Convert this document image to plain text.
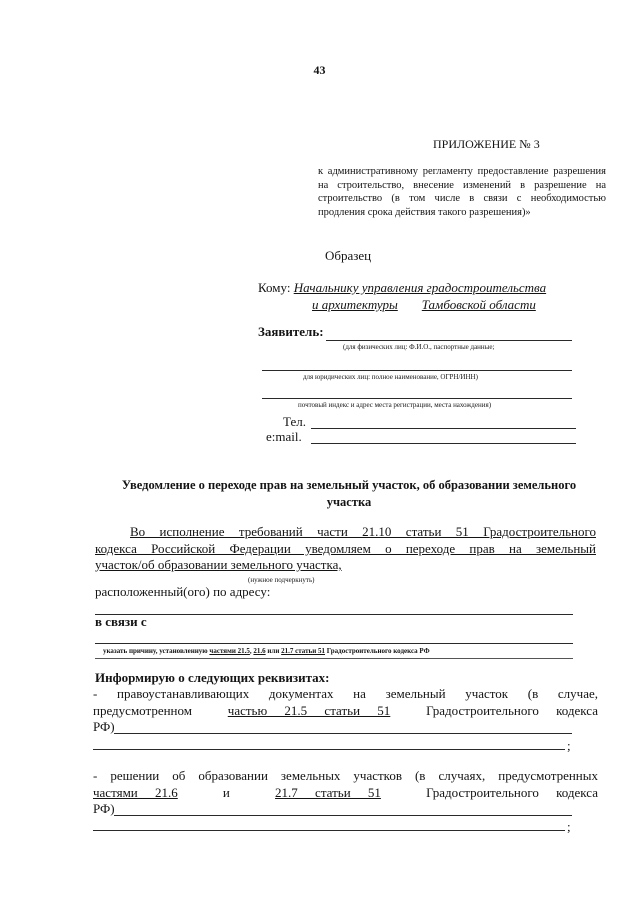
43
ПРИЛОЖЕНИЕ № 3
к административному регламенту предоставление разрешения на строительство, внесение изменений в разрешение на строительство (в том числе в связи с необходимостью продления срока действия такого разрешения)»
Образец
Кому: Начальнику управления градостроительства
и архитектуры Тамбовской области
Заявитель:
(для физических лиц: Ф.И.О., паспортные данные;
для юридических лиц: полное наименование, ОГРН/ИНН)
почтовый индекс и адрес места регистрации, места нахождения)
Тел.
e:mail.
Уведомление о переходе прав на земельный участок, об образовании земельного участка
Во исполнение требований части 21.10 статьи 51 Градостроительного
кодекса Российской Федерации уведомляем о переходе прав на земельный
участок/об образовании земельного участка,
(нужное подчеркнуть)
расположенный(ого) по адресу:
в связи с
указать причину, установленную частями 21.5, 21.6 или 21.7 статьи 51 Градостроительного кодекса РФ
Информирую о следующих реквизитах:
- правоустанавливающих документах на земельный участок (в случае,
предусмотренном	частью 21.5 статьи 51	Градостроительного кодекса
РФ)
;
- решении об образовании земельных участков (в случаях, предусмотренных
частями 21.6	и	21.7 статьи 51	Градостроительного кодекса
РФ)
;
